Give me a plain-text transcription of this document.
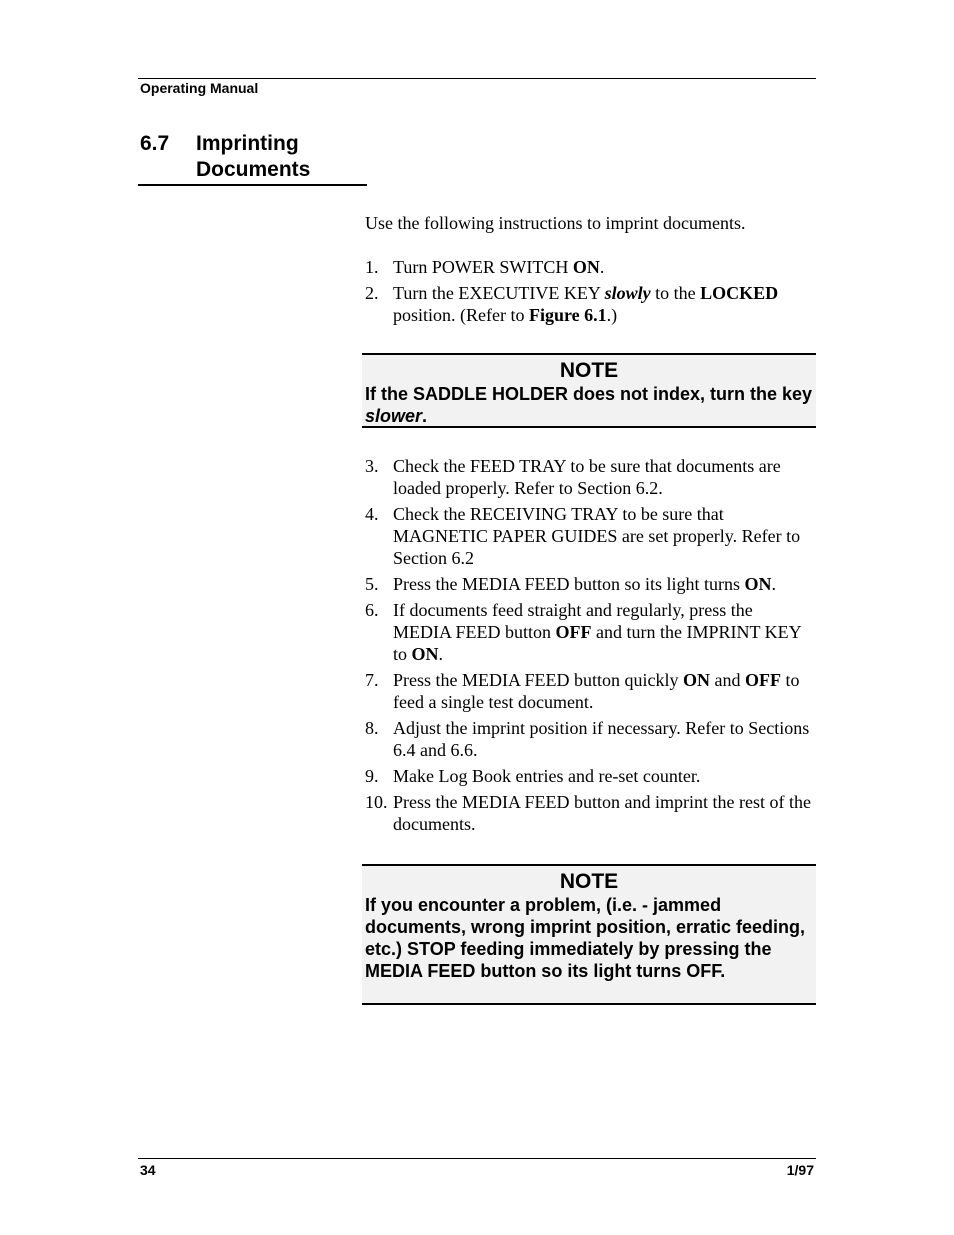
Operating Manual
6.7 Imprinting Documents
Use the following instructions to imprint documents.
1. Turn POWER SWITCH ON.
2. Turn the EXECUTIVE KEY slowly to the LOCKED position. (Refer to Figure 6.1.)
NOTE
If the SADDLE HOLDER does not index, turn the key slower.
3. Check the FEED TRAY to be sure that documents are loaded properly. Refer to Section 6.2.
4. Check the RECEIVING TRAY to be sure that MAGNETIC PAPER GUIDES are set properly. Refer to Section 6.2
5. Press the MEDIA FEED button so its light turns ON.
6. If documents feed straight and regularly, press the MEDIA FEED button OFF and turn the IMPRINT KEY to ON.
7. Press the MEDIA FEED button quickly ON and OFF to feed a single test document.
8. Adjust the imprint position if necessary. Refer to Sections 6.4 and 6.6.
9. Make Log Book entries and re-set counter.
10. Press the MEDIA FEED button and imprint the rest of the documents.
NOTE
If you encounter a problem, (i.e. - jammed documents, wrong imprint position, erratic feeding, etc.) STOP feeding immediately by pressing the MEDIA FEED button so its light turns OFF.
34	1/97
